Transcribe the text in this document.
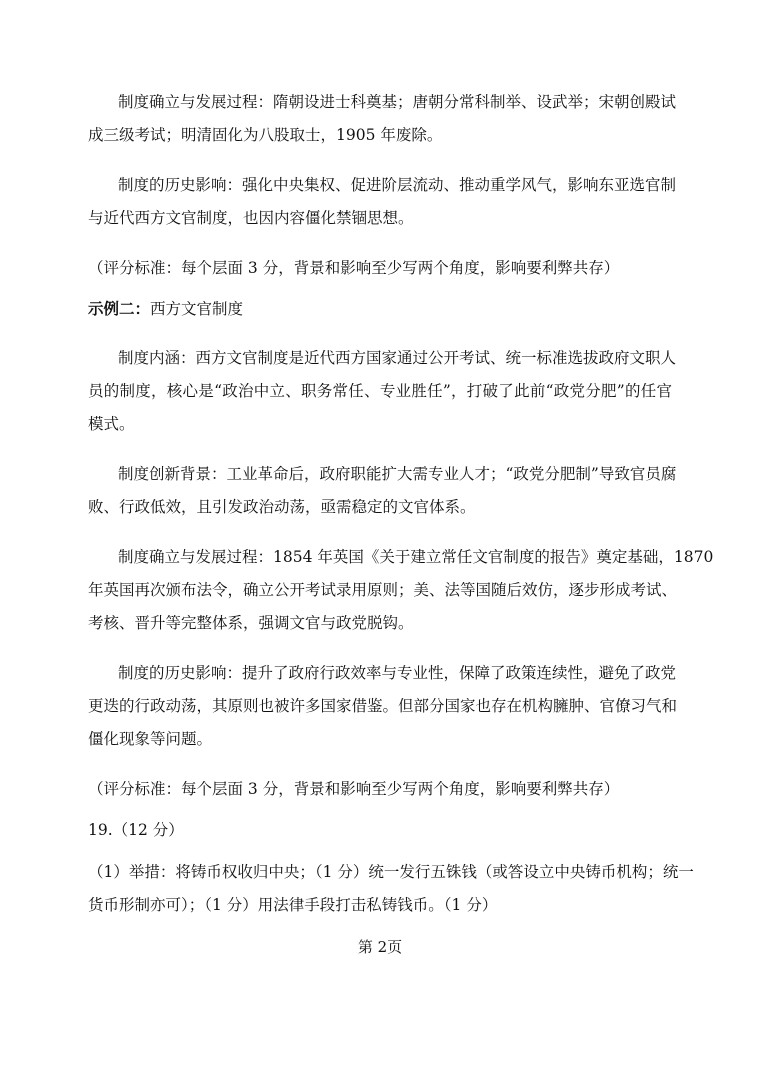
制度确立与发展过程：隋朝设进士科奠基；唐朝分常科制举、设武举；宋朝创殿试
成三级考试；明清固化为八股取士，1905 年废除。
制度的历史影响：强化中央集权、促进阶层流动、推动重学风气，影响东亚选官制
与近代西方文官制度，也因内容僵化禁锢思想。
（评分标准：每个层面 3 分，背景和影响至少写两个角度，影响要利弊共存）
示例二：西方文官制度
制度内涵：西方文官制度是近代西方国家通过公开考试、统一标准选拔政府文职人
员的制度，核心是“政治中立、职务常任、专业胜任”，打破了此前“政党分肥”的任官
模式。
制度创新背景：工业革命后，政府职能扩大需专业人才；“政党分肥制”导致官员腐
败、行政低效，且引发政治动荡，亟需稳定的文官体系。
制度确立与发展过程：1854 年英国《关于建立常任文官制度的报告》奠定基础，1870
年英国再次颁布法令，确立公开考试录用原则；美、法等国随后效仿，逐步形成考试、
考核、晋升等完整体系，强调文官与政党脱钩。
制度的历史影响：提升了政府行政效率与专业性，保障了政策连续性，避免了政党
更迭的行政动荡，其原则也被许多国家借鉴。但部分国家也存在机构臃肿、官僚习气和
僵化现象等问题。
（评分标准：每个层面 3 分，背景和影响至少写两个角度，影响要利弊共存）
19.（12 分）
（1）举措：将铸币权收归中央；（1 分）统一发行五铢钱（或答设立中央铸币机构；统一
货币形制亦可）；（1 分）用法律手段打击私铸钱币。（1 分）
第 2页
